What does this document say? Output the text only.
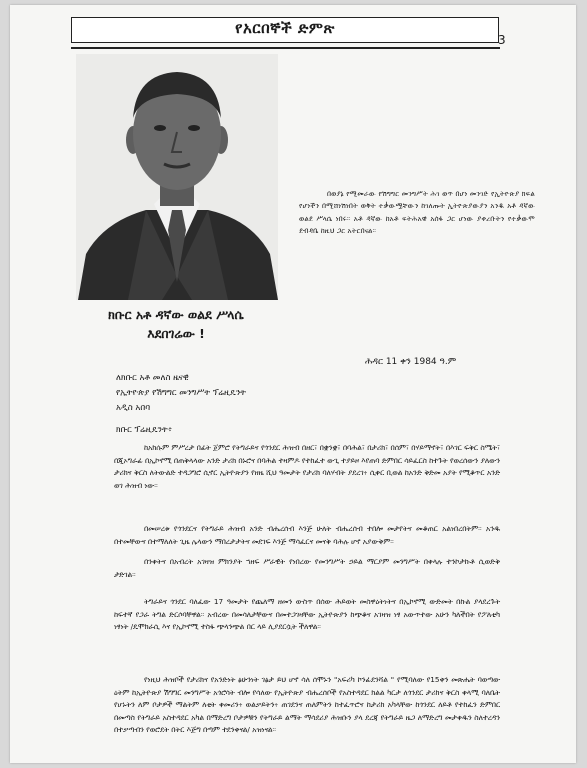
የአርበኞች ድምጽ
3
ክቡር አቶ ዳኛው ወልደ ሥላሴ
እደበገሬው !
በወያኔ የሚመራው የሽግግር መንግሥት ሕገ ወጥ በሆነ መንገድ የኢትዮጵያ ክፍል የሆነችን በሚሸነሽነበት ወቅት ተቃውሟቸውን ከገለጡት ኢትዮጵያውያን አንዱ አቶ ዳኛው ወልደ ሥላሴ ነበሩ። አቶ ዳኛው ከአቶ ፍትሕአዊ አሰፋ ጋር ሆነው ያቀረቡትን የተቃውሞ ደብዳቤ ከዚህ ጋር አትርበናል።
ሕዳር 11 ቀን 1984 ዓ.ም
ለክቡር አቶ መለስ ዜናዊ
የኢትዮጵያ የሽግግር መንግሥት ፕሬዚዴንት
አዲስ አበባ
ክቡር ፕሬዚዴንት፥
ከአክሱም ምሥረታ በፊት ጀምሮ የትግራይና የጎንደር ሕዝብ በዘር፣ በቋንቋ፣ በባሕል፣ በታሪክ፣ በሰም፣ በሃይማኖት፣ በእገር ፍቅር ስሜት፣ በጂኦግራፊ በኢኮኖሚ በጠቅላላው አንድ ታሪክ በኑሮና በባሕል ተዛምዶ የተከፈተ ውጊ ተያይዞ እየጠባ ድምበር ሳይፈርስ ከተጉት የወረሰውን ያለውን ታሪክና ቅርስ ለትውልድ ተዳጋግሮ ሲኖር ኢትዮጵያን የዘዜ ሺህ ዓመታት የታሪክ ባለሃብት ያደረገ፥ ሲቀር ቢወል ከአንድ ቅድመ አያት የሚቆጥር አንድ ወገ ሕዝብ ነው።
በመሠረቱ የጎንደርና የትግራይ ሕዝብ አንድ ብሔረሰብ እንጅ ሁለት ብሔረሰብ ተበሎ መታየትና መቆጠር አልነበረበትም። አንዱ በተመቸውና በተማለለት ጊዜ ሌላውን ማበረታታትና መደገፍ እንጅ ማሳፈርና መናቅ ባሕሉ ሆኖ አያውቅም።
በንቀትና በአብረት አገዛዝ ምክንያት ኀዘፍ ሥራዊት የነበረው የመንግሥት ኃይል ማርያም መንግሥት በቀላሉ ተንኮታኩቶ ሲወድቅ ታድገል።
ትግራይና ጎንደር ባለፈው 17 ዓመታት የጨለማ ዘመን ውስጥ በሰው ሕይወት መስዋዕትነትና በኢኮኖሚ ውድመት በኩል ያላደረጉት ከፍተኛ የጋራ ትግል ድርሶባቸዋል። አብረው በመሳለታቸውና በመተጋገዛቸው ኢትዮጵያን ከጭቆና አገዛዝ ነፃ አውጥተው አሁን ካለችበት የፖለቲካ ነፃነት /ዴሞክራሲ እና የኢኮኖሚ ተስፋ ጭላንጭል በር ላይ ሊያደርሷት ችለዋል።
የነዚህ ሕዝቦች የታሪክና የአንድነት ፅሁንነት ገፅታ ይህ ሆኖ ሳለ ሰሞኑን "አፍሪካ ኮንፊደንሻል " የሚባለው የ15ቀን መጽሔት ባወጣው ዕትም ከኢትዮጵያ ሽግግር መንግሥት አጎሮሳት ብሎ የሳለው የኢትዮጵያ ብሔረሰቦች የአስተዳደር ክልል ካርታ ለጎንደር ታሪክና ቅርስ ቀላሚ ባለቤት የሆኑትን ለም ቦታዎች ማልትም ለቲት ቀመሪን፥ ወልቃይትን፥ ጠገደንና ጠለምትን ከተፈጥሮና ከታሪክ አካላቸው ከጎንደር ለይቶ የተከፈን ድምበር በመጣስ የትግራይ አስተዳደር አካል በማድረግ ቦታዎቹን የትግራይ ልማት ማሳደሪያ ሕዝቡን ያላ ደረጃ የትግራይ ዜጋ ለማድረግ መታቀዱን ስለተረዳን በተቃጣብን የወሮደት በትር እጅግ በጣም ተደንቀናል/ አዝነናል።
